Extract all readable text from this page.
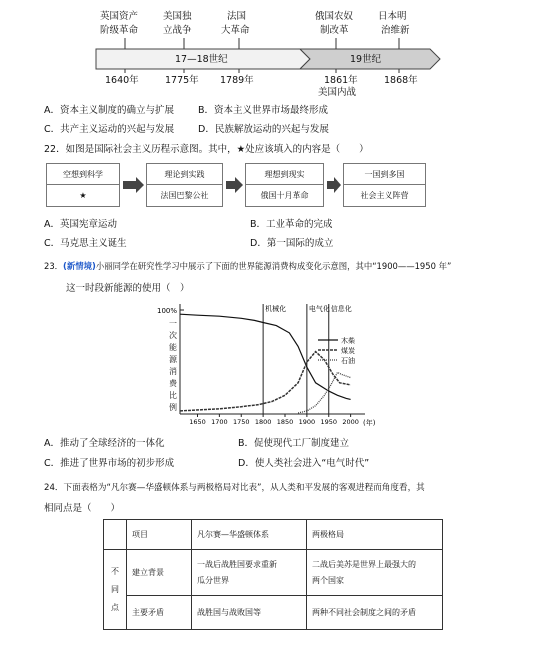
英国资产
阶级革命
美国独
立战争
法国
大革命
俄国农奴
制改革
日本明
治维新
17—18世纪	19世纪
1640年	1775年 1789年	1861年	1868年
美国内战
A．资本主义制度的确立与扩展	B．资本主义世界市场最终形成
C．共产主义运动的兴起与发展	D．民族解放运动的兴起与发展
22．如图是国际社会主义历程示意图。其中，★处应该填入的内容是（　　）
空想到科学
★
理论到实践
法国巴黎公社
理想到现实
俄国十月革命
一国到多国
社会主义阵营
A．英国宪章运动	B．工业革命的完成
C．马克思主义诞生	D．第一国际的成立
23．(新情境)小丽同学在研究性学习中展示了下面的世界能源消费构成变化示意图，其中“1900——1950 年”
这一时段新能源的使用（　）
100%
1650 1700 1750 1800 1850 1900 1950 2000
机械化	电气化 信息化
木柴
煤炭
石油
(年)
一次能源消费比例
A．推动了全球经济的一体化	B．促使现代工厂制度建立
C．推进了世界市场的初步形成	D．使人类社会进入“电气时代”
24．下面表格为“凡尔赛—华盛顿体系与两极格局对比表”，从人类和平发展的客观进程而角度看，其
相同点是（　　）
	项目	凡尔赛—华盛顿体系	两极格局
不
同
点	建立背景	一战后战胜国要求重新
瓜分世界	二战后美苏是世界上最强大的
两个国家
	主要矛盾	战胜国与战败国等	两种不同社会制度之间的矛盾
